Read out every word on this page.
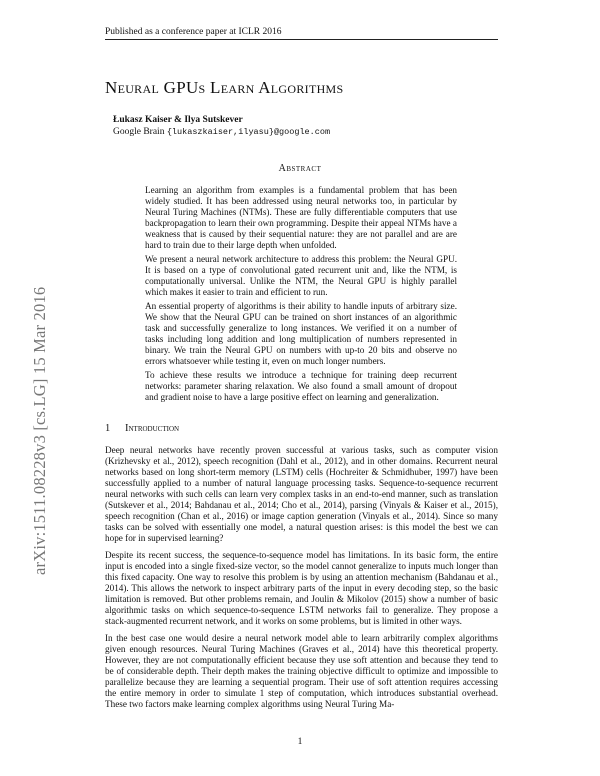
Published as a conference paper at ICLR 2016
Neural GPUs Learn Algorithms
Łukasz Kaiser & Ilya Sutskever
Google Brain {lukaszkaiser,ilyasu}@google.com
Abstract

Learning an algorithm from examples is a fundamental problem that has been widely studied. It has been addressed using neural networks too, in particular by Neural Turing Machines (NTMs). These are fully differentiable computers that use backpropagation to learn their own programming. Despite their appeal NTMs have a weakness that is caused by their sequential nature: they are not parallel and are are hard to train due to their large depth when unfolded.

We present a neural network architecture to address this problem: the Neural GPU. It is based on a type of convolutional gated recurrent unit and, like the NTM, is computationally universal. Unlike the NTM, the Neural GPU is highly parallel which makes it easier to train and efficient to run.

An essential property of algorithms is their ability to handle inputs of arbitrary size. We show that the Neural GPU can be trained on short instances of an algorithmic task and successfully generalize to long instances. We verified it on a number of tasks including long addition and long multiplication of numbers represented in binary. We train the Neural GPU on numbers with up-to 20 bits and observe no errors whatsoever while testing it, even on much longer numbers.

To achieve these results we introduce a technique for training deep recurrent networks: parameter sharing relaxation. We also found a small amount of dropout and gradient noise to have a large positive effect on learning and generalization.

1 Introduction

Deep neural networks have recently proven successful at various tasks, such as computer vision (Krizhevsky et al., 2012), speech recognition (Dahl et al., 2012), and in other domains. Recurrent neural networks based on long short-term memory (LSTM) cells (Hochreiter & Schmidhuber, 1997) have been successfully applied to a number of natural language processing tasks. Sequence-to-sequence recurrent neural networks with such cells can learn very complex tasks in an end-to-end manner, such as translation (Sutskever et al., 2014; Bahdanau et al., 2014; Cho et al., 2014), parsing (Vinyals & Kaiser et al., 2015), speech recognition (Chan et al., 2016) or image caption generation (Vinyals et al., 2014). Since so many tasks can be solved with essentially one model, a natural question arises: is this model the best we can hope for in supervised learning?

Despite its recent success, the sequence-to-sequence model has limitations. In its basic form, the entire input is encoded into a single fixed-size vector, so the model cannot generalize to inputs much longer than this fixed capacity. One way to resolve this problem is by using an attention mechanism (Bahdanau et al., 2014). This allows the network to inspect arbitrary parts of the input in every decoding step, so the basic limitation is removed. But other problems remain, and Joulin & Mikolov (2015) show a number of basic algorithmic tasks on which sequence-to-sequence LSTM networks fail to generalize. They propose a stack-augmented recurrent network, and it works on some problems, but is limited in other ways.

In the best case one would desire a neural network model able to learn arbitrarily complex algorithms given enough resources. Neural Turing Machines (Graves et al., 2014) have this theoretical property. However, they are not computationally efficient because they use soft attention and because they tend to be of considerable depth. Their depth makes the training objective difficult to optimize and impossible to parallelize because they are learning a sequential program. Their use of soft attention requires accessing the entire memory in order to simulate 1 step of computation, which introduces substantial overhead. These two factors make learning complex algorithms using Neural Turing Ma-

arXiv:1511.08228v3 [cs.LG] 15 Mar 2016
1
